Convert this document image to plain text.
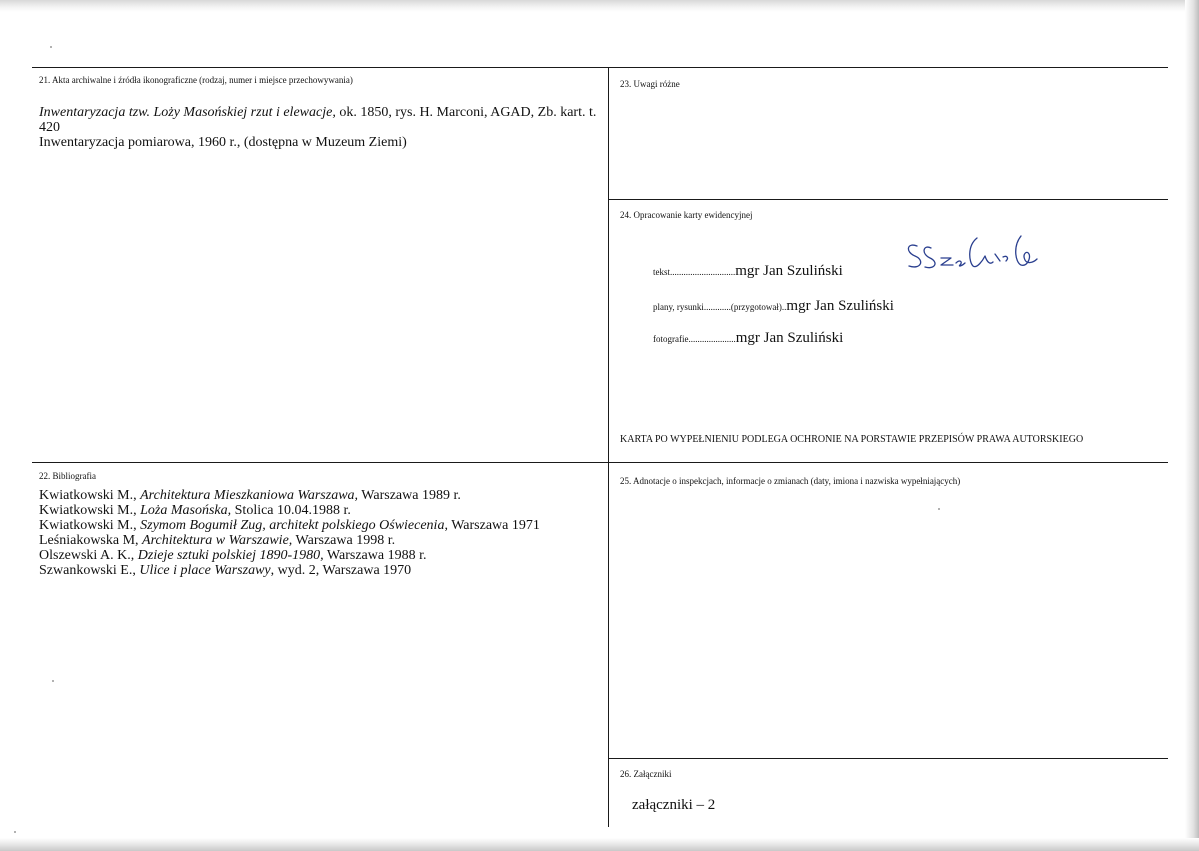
21. Akta archiwalne i źródła ikonograficzne (rodzaj, numer i miejsce przechowywania)
Inwentaryzacja tzw. Loży Masońskiej rzut i elewacje, ok. 1850, rys. H. Marconi, AGAD, Zb. kart. t. 420
Inwentaryzacja pomiarowa, 1960 r., (dostępna w Muzeum Ziemi)
22. Bibliografia
Kwiatkowski M., Architektura Mieszkaniowa Warszawa, Warszawa 1989 r.
Kwiatkowski M., Loża Masońska, Stolica 10.04.1988 r.
Kwiatkowski M., Szymom Bogumił Zug, architekt polskiego Oświecenia, Warszawa 1971
Leśniakowska M, Architektura w Warszawie, Warszawa 1998 r.
Olszewski A. K., Dzieje sztuki polskiej 1890-1980, Warszawa 1988 r.
Szwankowski E., Ulice i place Warszawy, wyd. 2, Warszawa 1970
23. Uwagi różne
24. Opracowanie karty ewidencyjnej
tekst............................. mgr Jan Szuliński
plany, rysunki............(przygotował).. mgr Jan Szuliński
fotografie..................... mgr Jan Szuliński
KARTA PO WYPEŁNIENIU PODLEGA OCHRONIE NA PORSTAWIE PRZEPISÓW PRAWA AUTORSKIEGO
25. Adnotacje o inspekcjach, informacje o zmianach (daty, imiona i nazwiska wypełniających)
26. Załączniki
załączniki – 2
